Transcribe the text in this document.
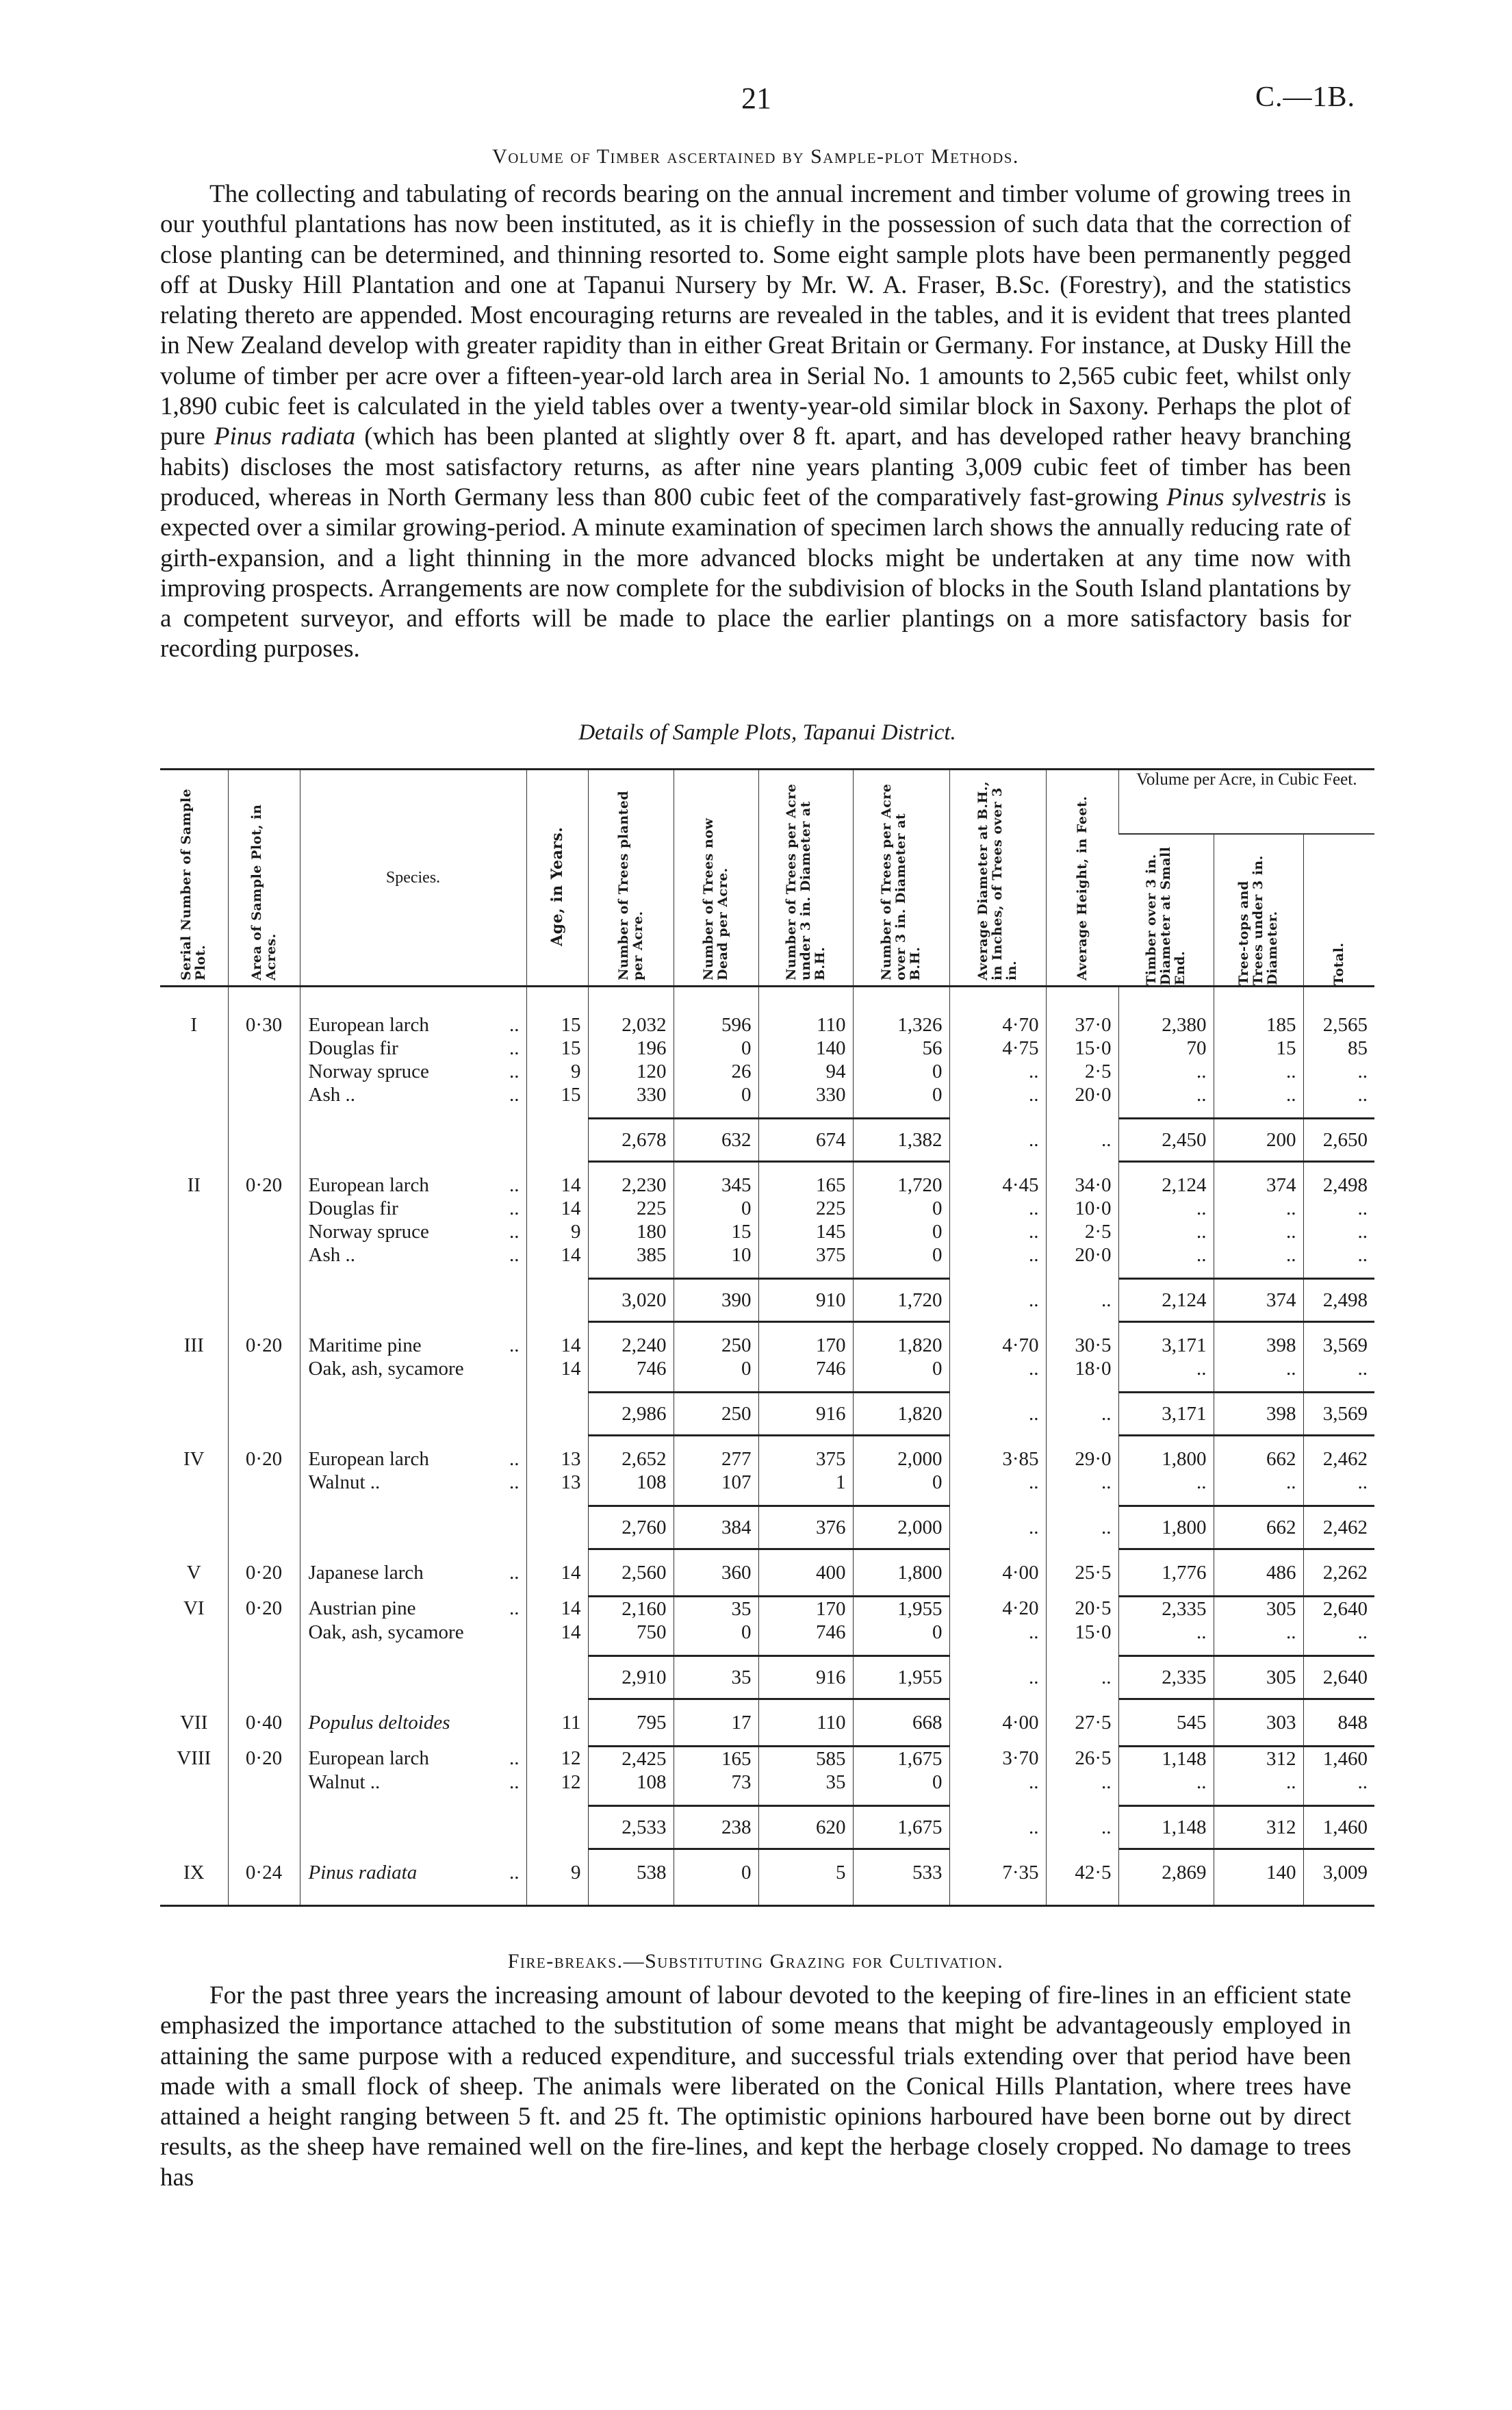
21	C.—1B.
Volume of Timber ascertained by Sample-plot Methods.
The collecting and tabulating of records bearing on the annual increment and timber volume of growing trees in our youthful plantations has now been instituted, as it is chiefly in the possession of such data that the correction of close planting can be determined, and thinning resorted to. Some eight sample plots have been permanently pegged off at Dusky Hill Plantation and one at Tapanui Nursery by Mr. W. A. Fraser, B.Sc. (Forestry), and the statistics relating thereto are appended. Most encouraging returns are revealed in the tables, and it is evident that trees planted in New Zealand develop with greater rapidity than in either Great Britain or Germany. For instance, at Dusky Hill the volume of timber per acre over a fifteen-year-old larch area in Serial No. 1 amounts to 2,565 cubic feet, whilst only 1,890 cubic feet is calculated in the yield tables over a twenty-year-old similar block in Saxony. Perhaps the plot of pure Pinus radiata (which has been planted at slightly over 8 ft. apart, and has developed rather heavy branching habits) discloses the most satisfactory returns, as after nine years planting 3,009 cubic feet of timber has been produced, whereas in North Germany less than 800 cubic feet of the comparatively fast-growing Pinus sylvestris is expected over a similar growing-period. A minute examination of specimen larch shows the annually reducing rate of girth-expansion, and a light thinning in the more advanced blocks might be undertaken at any time now with improving prospects. Arrangements are now complete for the subdivision of blocks in the South Island plantations by a competent surveyor, and efforts will be made to place the earlier plantings on a more satisfactory basis for recording purposes.
Details of Sample Plots, Tapanui District.
Serial Number of Sample Plot.	Area of Sample Plot, in Acres.	Species.	Age, in Years.	Number of Trees planted per Acre.	Number of Trees now Dead per Acre.	Number of Trees per Acre under 3 in. Diameter at B.H.	Number of Trees per Acre over 3 in. Diameter at B.H.	Average Diameter at B.H., in Inches, of Trees over 3 in.	Average Height, in Feet.	Volume per Acre, in Cubic Feet.		

										Timber over 3 in. Diameter at Small End.	Tree-tops and Trees under 3 in. Diameter.	Total.

I	0·30	European larch ..	15	2,032	596	110	1,326	4·70	37·0	2,380	185	2,565
		Douglas fir ..	15	196	0	140	56	4·75	15·0	70	15	85
		Norway spruce ..	9	120	26	94	0	..	2·5	..	..	..
		Ash .. ..	15	330	0	330	0	..	20·0	..	..	..

				2,678	632	674	1,382	..	..	2,450	200	2,650

II	0·20	European larch ..	14	2,230	345	165	1,720	4·45	34·0	2,124	374	2,498
		Douglas fir ..	14	225	0	225	0	..	10·0	..	..	..
		Norway spruce ..	9	180	15	145	0	..	2·5	..	..	..
		Ash .. ..	14	385	10	375	0	..	20·0	..	..	..

				3,020	390	910	1,720	..	..	2,124	374	2,498

III	0·20	Maritime pine ..	14	2,240	250	170	1,820	4·70	30·5	3,171	398	3,569
		Oak, ash, sycamore	14	746	0	746	0	..	18·0	..	..	..

				2,986	250	916	1,820	..	..	3,171	398	3,569

IV	0·20	European larch ..	13	2,652	277	375	2,000	3·85	29·0	1,800	662	2,462
		Walnut .. ..	13	108	107	1	0	..	..	..	..	..

				2,760	384	376	2,000	..	..	1,800	662	2,462

V	0·20	Japanese larch ..	14	2,560	360	400	1,800	4·00	25·5	1,776	486	2,262

VI	0·20	Austrian pine ..	14	2,160	35	170	1,955	4·20	20·5	2,335	305	2,640
		Oak, ash, sycamore	14	750	0	746	0	..	15·0	..	..	..

				2,910	35	916	1,955	..	..	2,335	305	2,640

VII	0·40	Populus deltoides	11	795	17	110	668	4·00	27·5	545	303	848

VIII	0·20	European larch ..	12	2,425	165	585	1,675	3·70	26·5	1,148	312	1,460
		Walnut .. ..	12	108	73	35	0	..	..	..	..	..

				2,533	238	620	1,675	..	..	1,148	312	1,460

IX	0·24	Pinus radiata ..	9	538	0	5	533	7·35	42·5	2,869	140	3,009

Fire-breaks.—Substituting Grazing for Cultivation.
For the past three years the increasing amount of labour devoted to the keeping of fire-lines in an efficient state emphasized the importance attached to the substitution of some means that might be advantageously employed in attaining the same purpose with a reduced expenditure, and successful trials extending over that period have been made with a small flock of sheep. The animals were liberated on the Conical Hills Plantation, where trees have attained a height ranging between 5 ft. and 25 ft. The optimistic opinions harboured have been borne out by direct results, as the sheep have remained well on the fire-lines, and kept the herbage closely cropped. No damage to trees has
